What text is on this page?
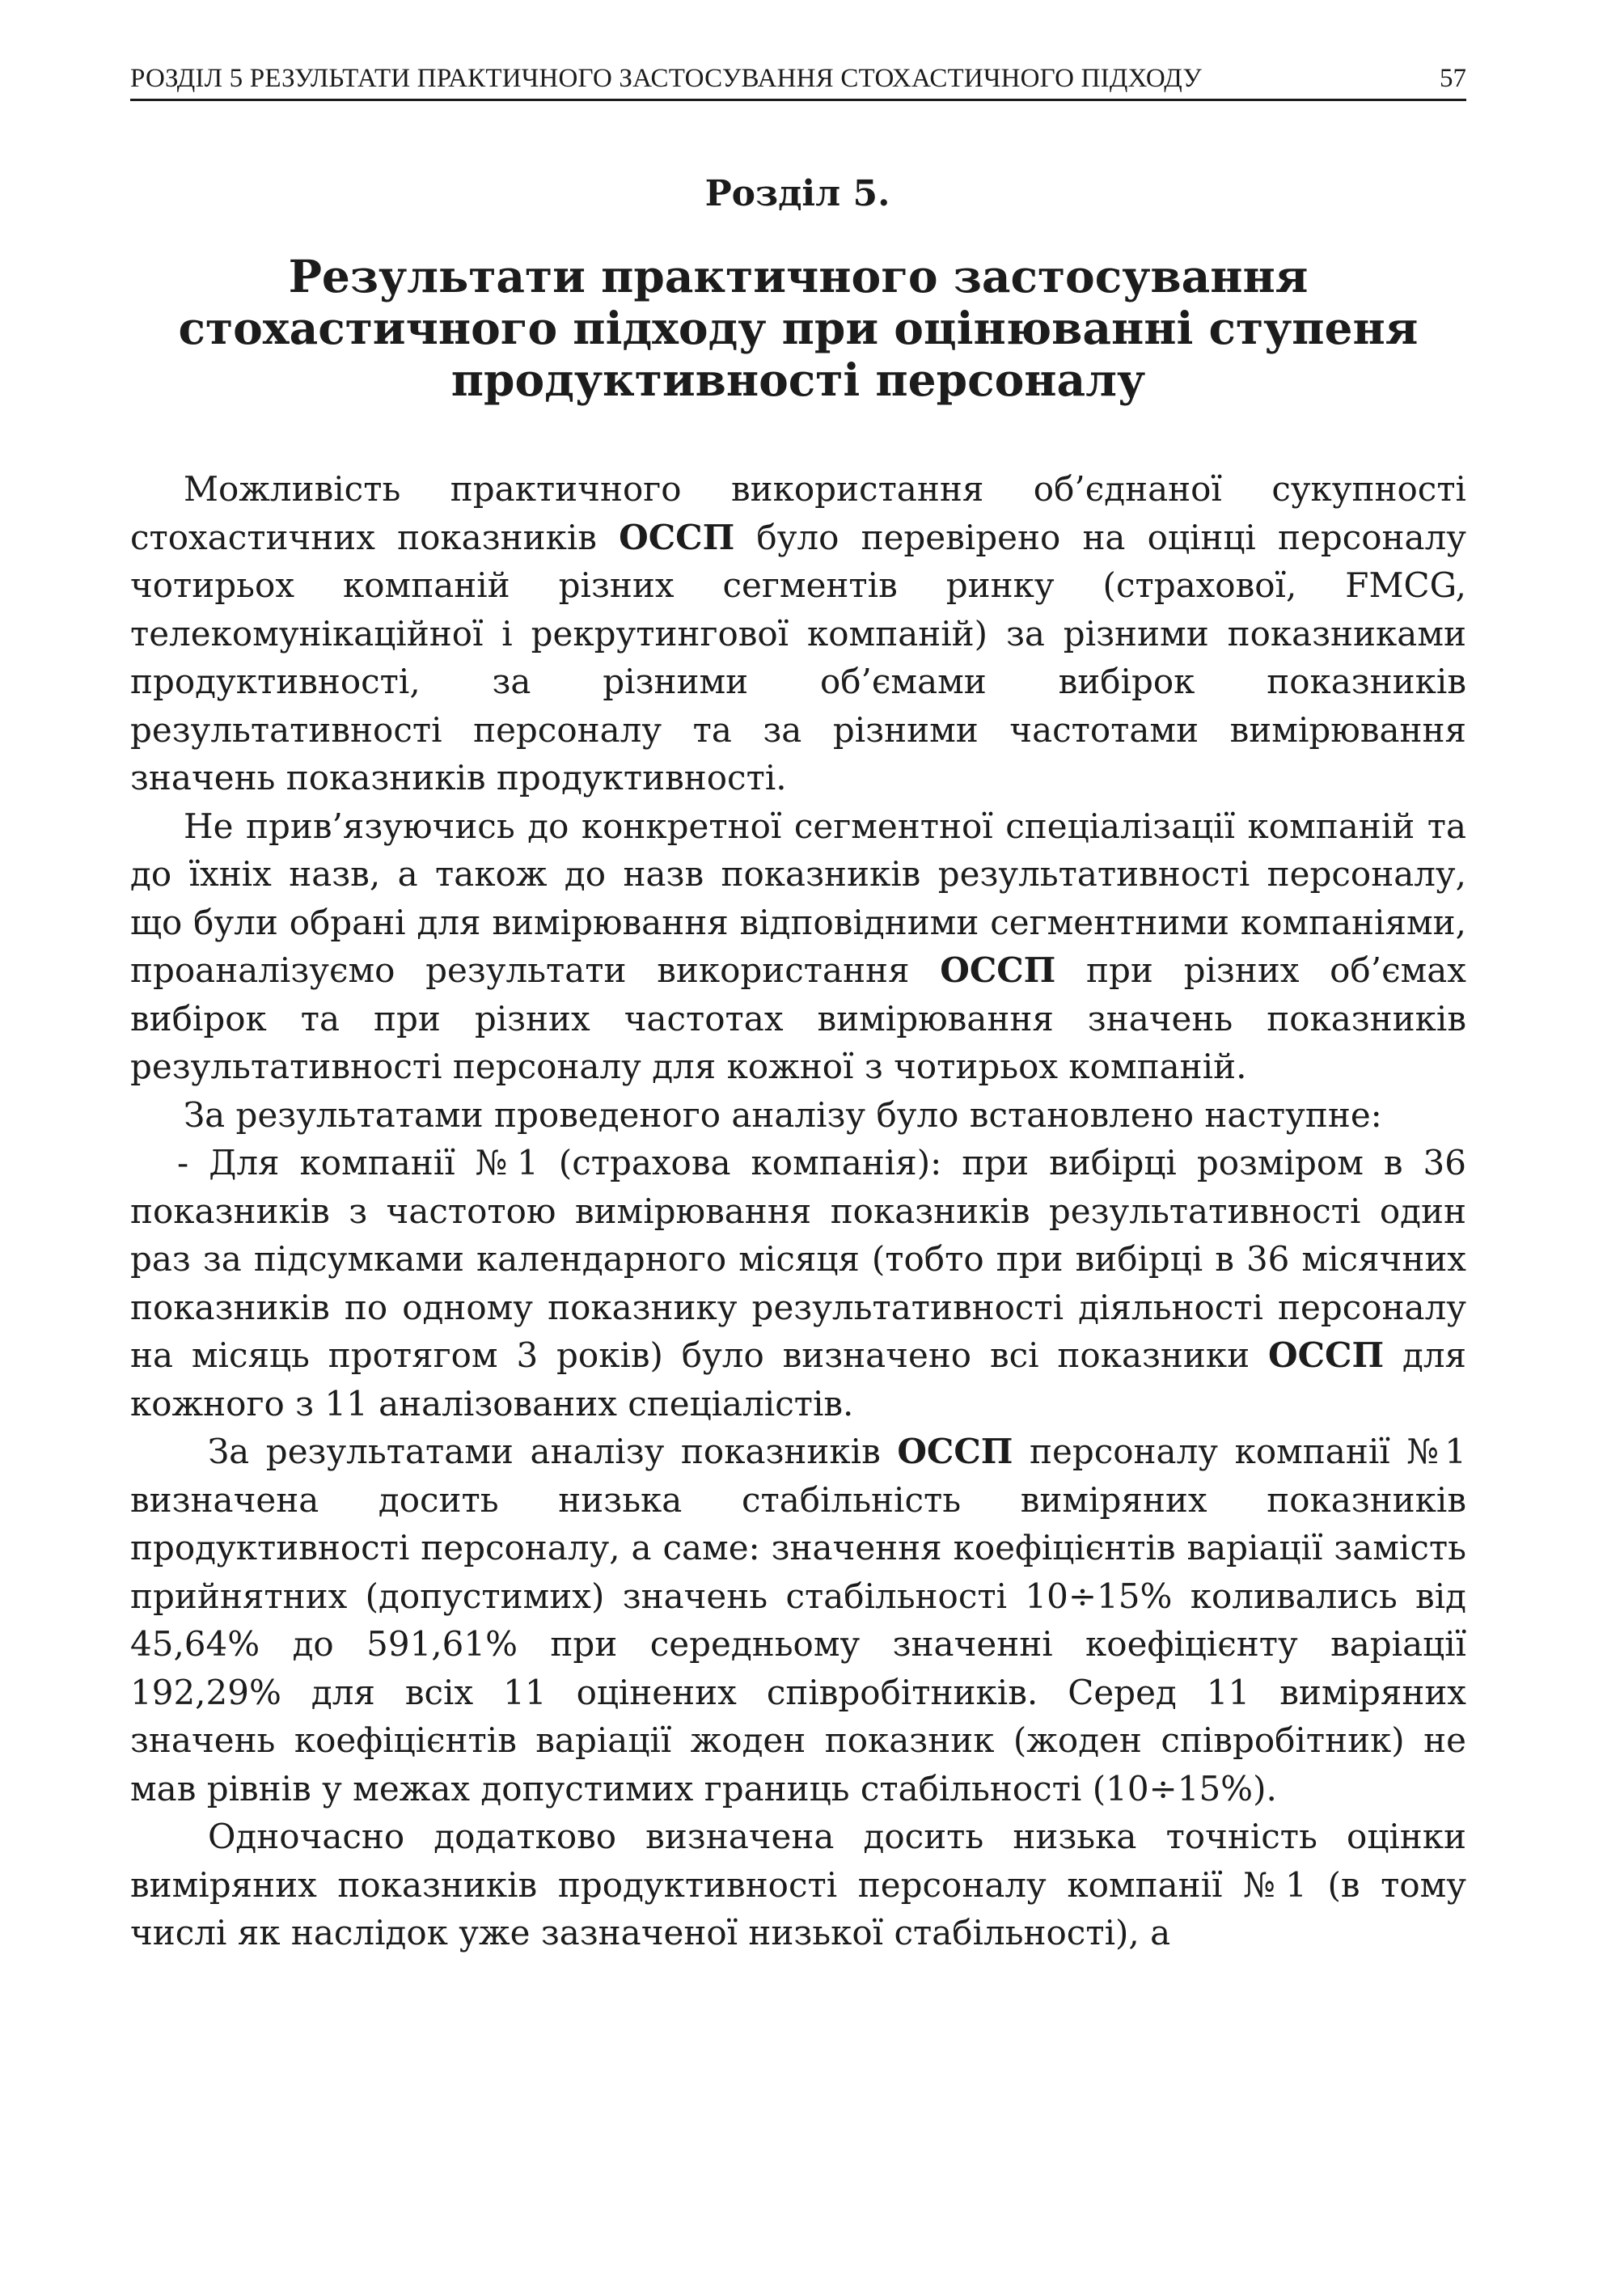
РОЗДІЛ 5 РЕЗУЛЬТАТИ ПРАКТИЧНОГО ЗАСТОСУВАННЯ СТОХАСТИЧНОГО ПІДХОДУ	57
Розділ 5.
Результати практичного застосування
стохастичного підходу при оцінюванні ступеня
продуктивності персоналу

Можливість практичного використання об’єднаної сукупності стохастичних показників ОССП було перевірено на оцінці персоналу чотирьох компаній різних сегментів ринку (страхової, FMCG, телекомунікаційної і рекрутингової компаній) за різними показниками продуктивності, за різними об’ємами вибірок показників результативності персоналу та за різними частотами вимірювання значень показників продуктивності.

Не прив’язуючись до конкретної сегментної спеціалізації компаній та до їхніх назв, а також до назв показників результативності персоналу, що були обрані для вимірювання відповідними сегментними компаніями, проаналізуємо результати використання ОССП при різних об’ємах вибірок та при різних частотах вимірювання значень показників результативності персоналу для кожної з чотирьох компаній.

За результатами проведеного аналізу було встановлено наступне:

- Для компанії №1 (страхова компанія): при вибірці розміром в 36 показників з частотою вимірювання показників результативності один раз за підсумками календарного місяця (тобто при вибірці в 36 місячних показників по одному показнику результативності діяльності персоналу на місяць протягом 3 років) було визначено всі показники ОССП для кожного з 11 аналізованих спеціалістів.

За результатами аналізу показників ОССП персоналу компанії №1 визначена досить низька стабільність виміряних показників продуктивності персоналу, а саме: значення коефіцієнтів варіації замість прийнятних (допустимих) значень стабільності 10÷15% коливались від 45,64% до 591,61% при середньому значенні коефіцієнту варіації 192,29% для всіх 11 оцінених співробітників. Серед 11 виміряних значень коефіцієнтів варіації жоден показник (жоден співробітник) не мав рівнів у межах допустимих границь стабільності (10÷15%).

Одночасно додатково визначена досить низька точність оцінки виміряних показників продуктивності персоналу компанії №1 (в тому числі як наслідок уже зазначеної низької стабільності), а
